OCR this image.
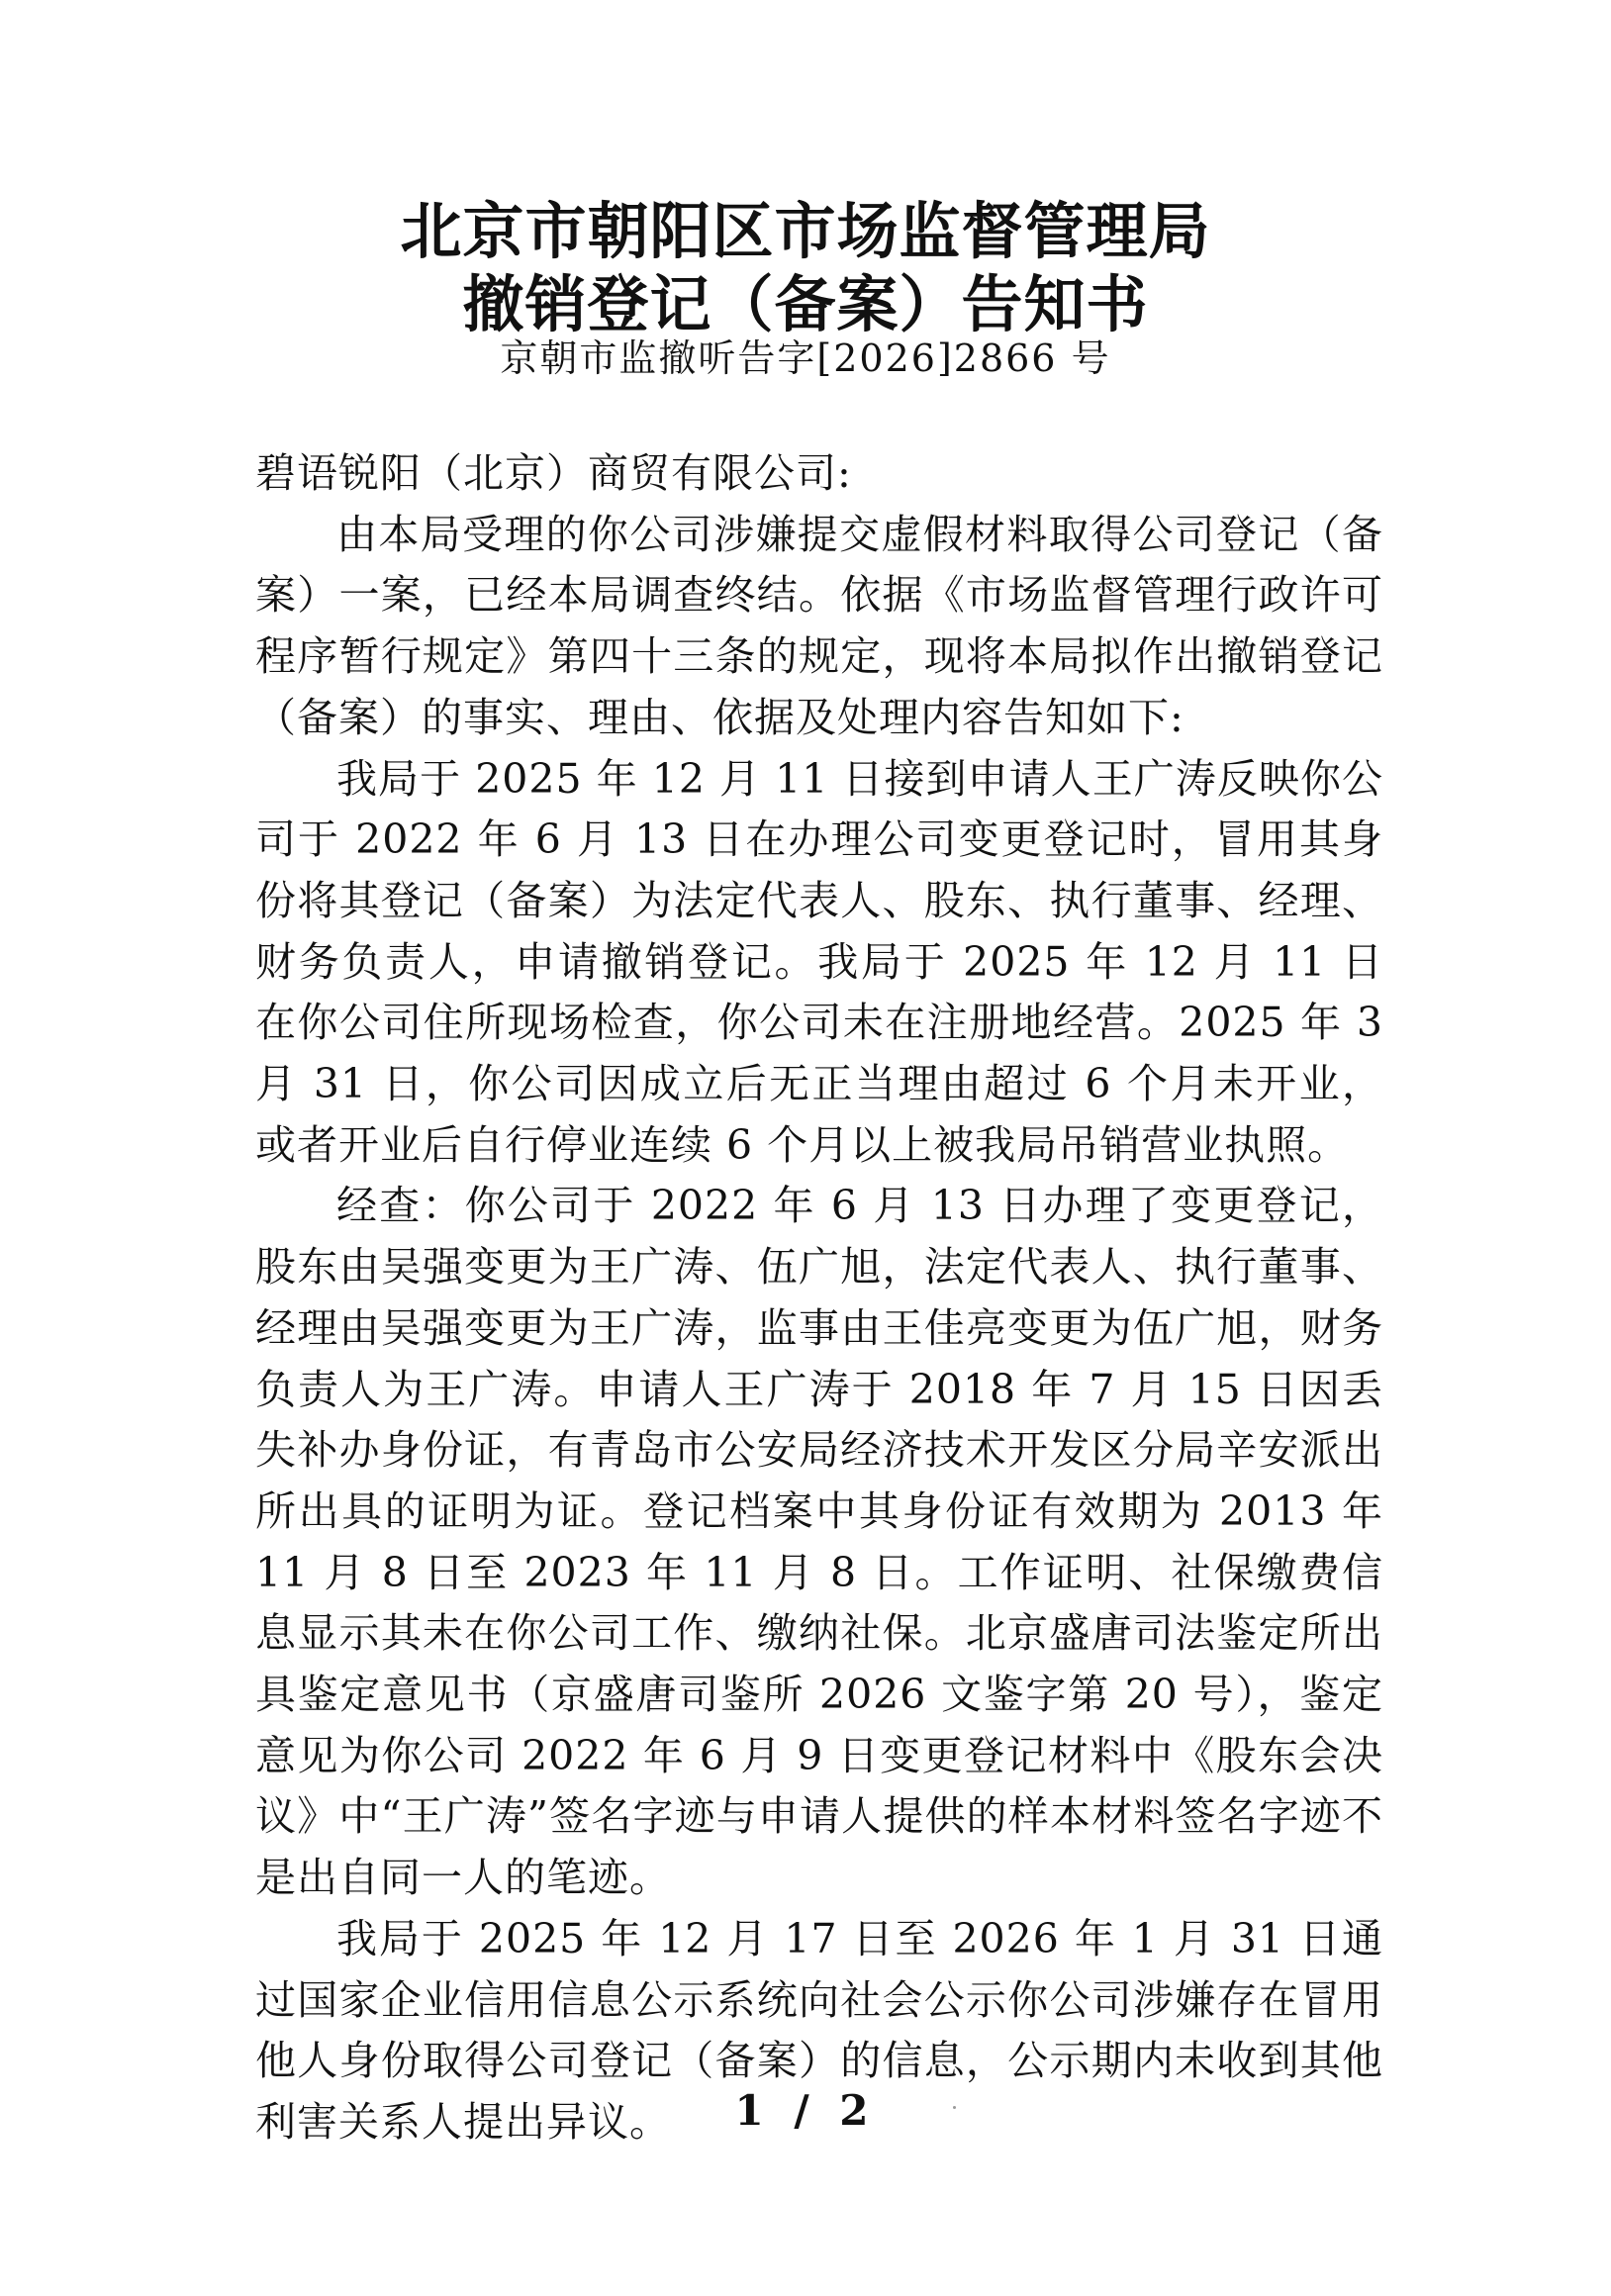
北京市朝阳区市场监督管理局
撤销登记（备案）告知书
京朝市监撤听告字[2026]2866 号

碧语锐阳（北京）商贸有限公司:

由本局受理的你公司涉嫌提交虚假材料取得公司登记（备案）一案，已经本局调查终结。依据《市场监督管理行政许可程序暂行规定》第四十三条的规定，现将本局拟作出撤销登记（备案）的事实、理由、依据及处理内容告知如下:

我局于 2025 年 12 月 11 日接到申请人王广涛反映你公司于 2022 年 6 月 13 日在办理公司变更登记时，冒用其身份将其登记（备案）为法定代表人、股东、执行董事、经理、财务负责人，申请撤销登记。我局于 2025 年 12 月 11 日在你公司住所现场检查，你公司未在注册地经营。2025 年 3 月 31 日，你公司因成立后无正当理由超过 6 个月未开业，或者开业后自行停业连续 6 个月以上被我局吊销营业执照。

经查：你公司于 2022 年 6 月 13 日办理了变更登记，股东由吴强变更为王广涛、伍广旭，法定代表人、执行董事、经理由吴强变更为王广涛，监事由王佳亮变更为伍广旭，财务负责人为王广涛。申请人王广涛于 2018 年 7 月 15 日因丢失补办身份证，有青岛市公安局经济技术开发区分局辛安派出所出具的证明为证。登记档案中其身份证有效期为 2013 年 11 月 8 日至 2023 年 11 月 8 日。工作证明、社保缴费信息显示其未在你公司工作、缴纳社保。北京盛唐司法鉴定所出具鉴定意见书（京盛唐司鉴所 2026 文鉴字第 20 号），鉴定意见为你公司 2022 年 6 月 9 日变更登记材料中《股东会决议》中“王广涛”签名字迹与申请人提供的样本材料签名字迹不是出自同一人的笔迹。

我局于 2025 年 12 月 17 日至 2026 年 1 月 31 日通过国家企业信用信息公示系统向社会公示你公司涉嫌存在冒用他人身份取得公司登记（备案）的信息，公示期内未收到其他利害关系人提出异议。	1 / 2
